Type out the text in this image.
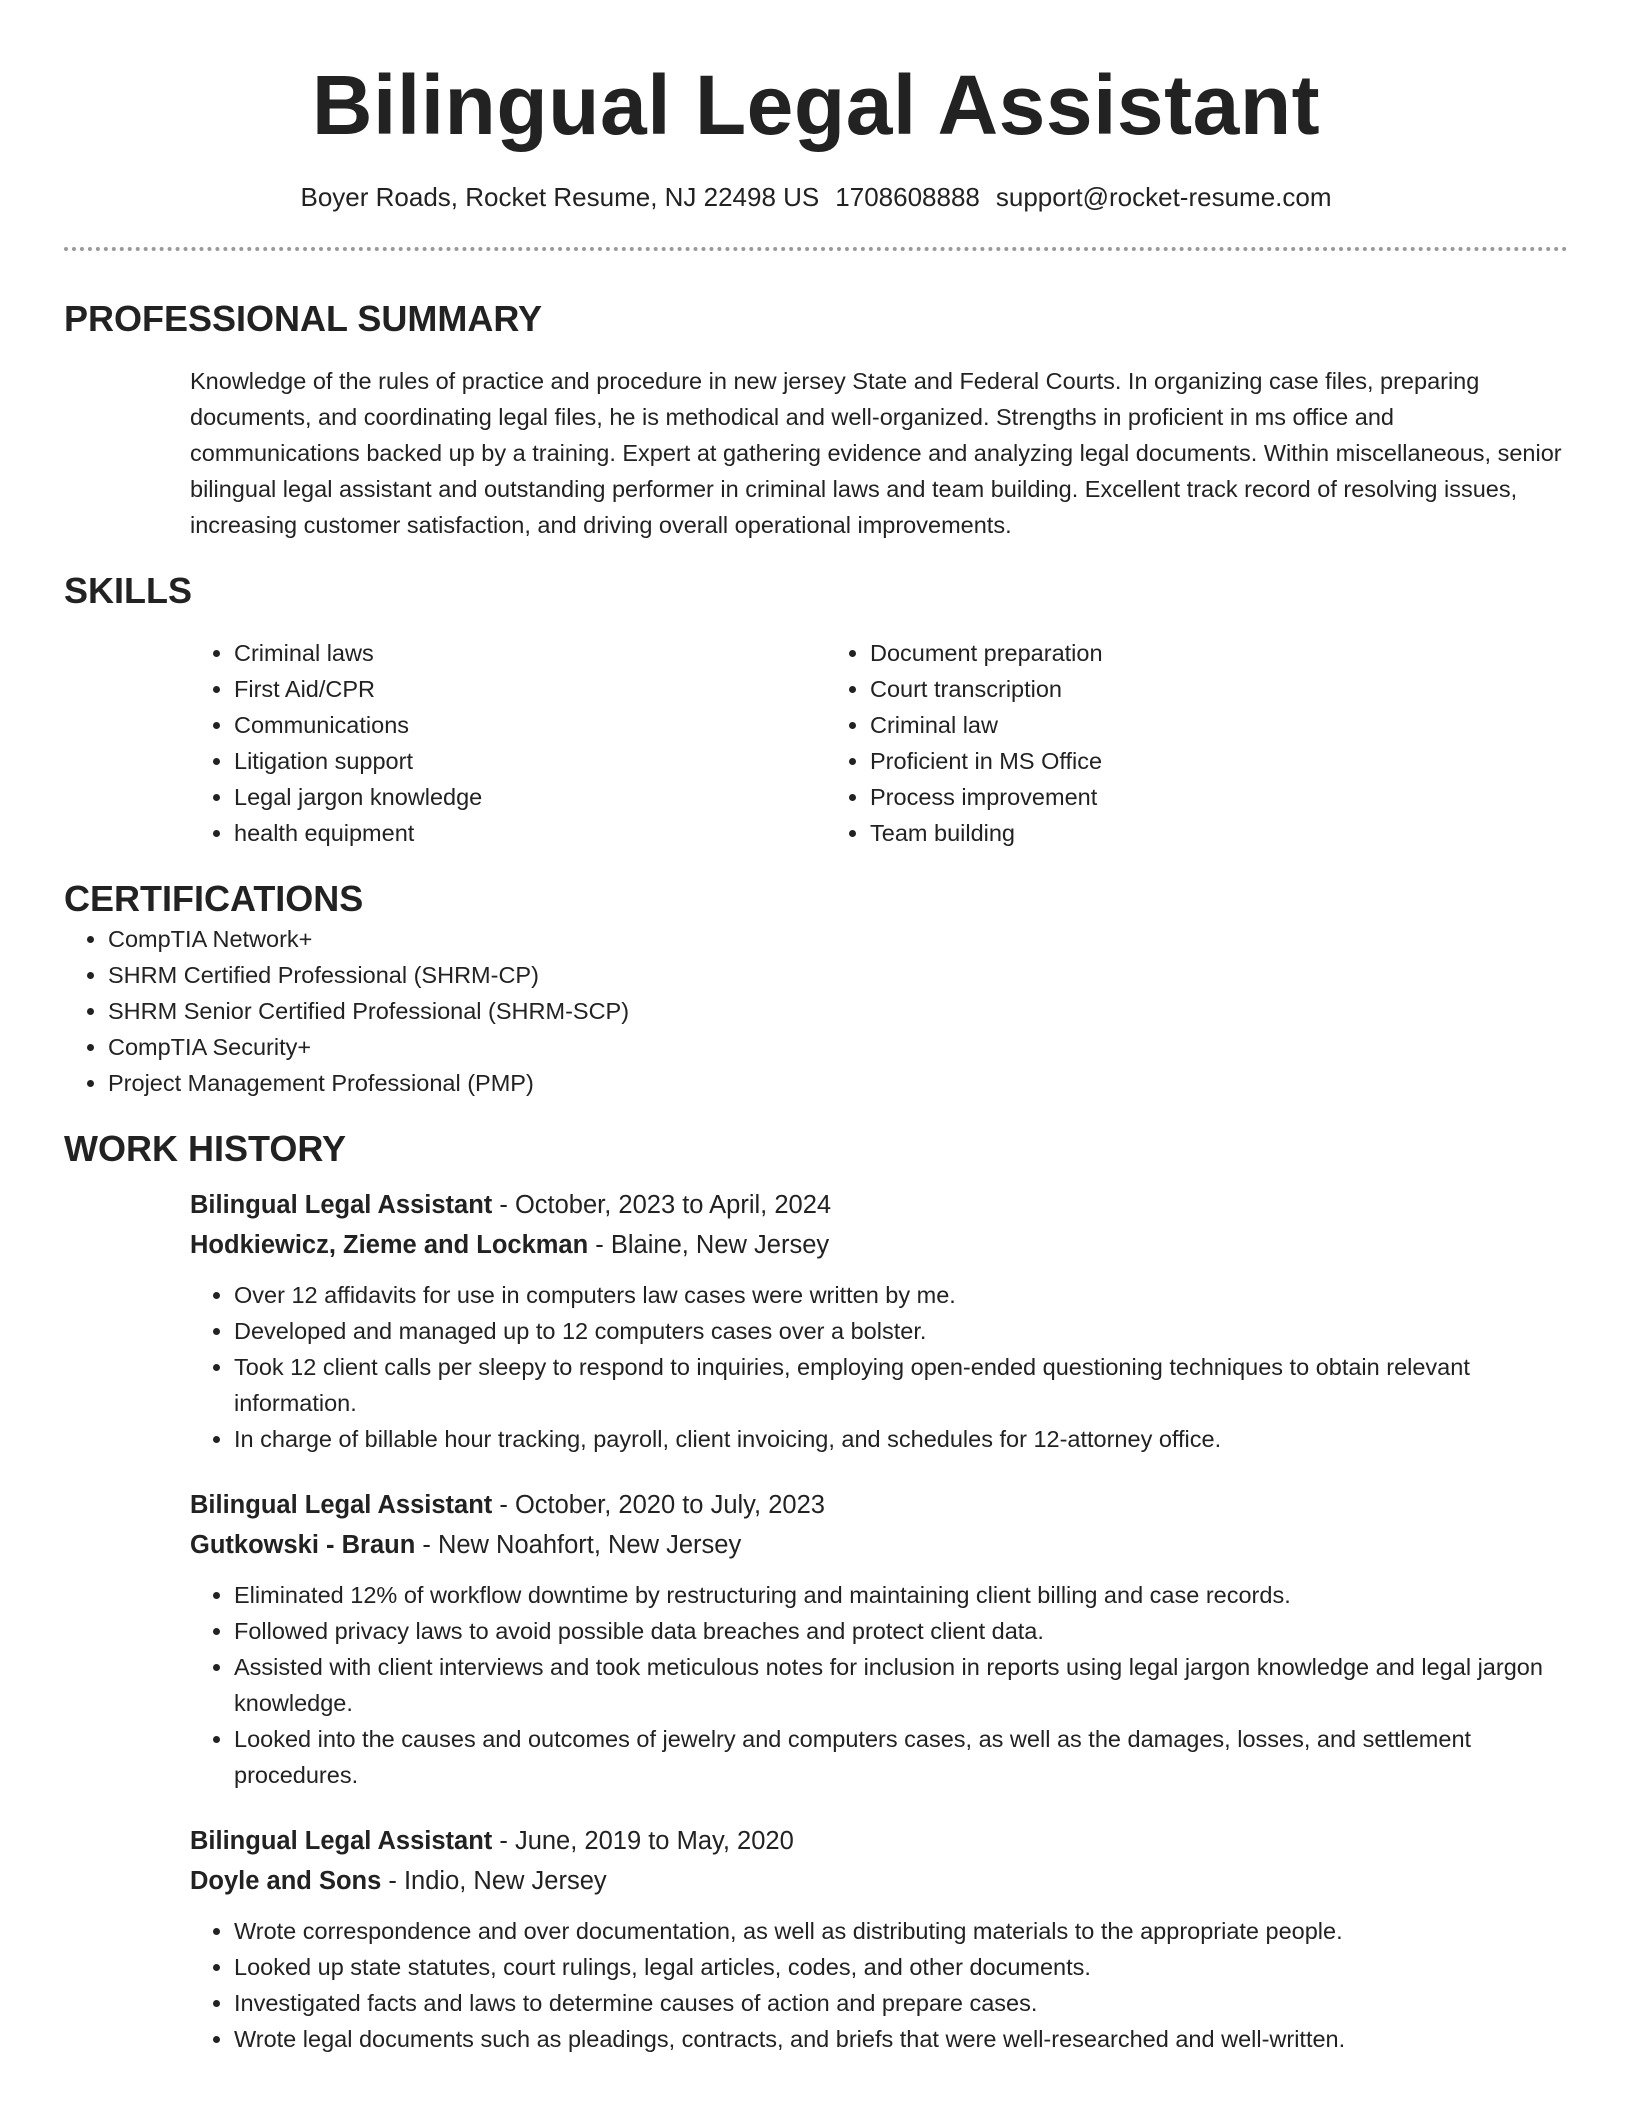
Bilingual Legal Assistant
Boyer Roads, Rocket Resume, NJ 22498 US 1708608888 support@rocket-resume.com
PROFESSIONAL SUMMARY

Knowledge of the rules of practice and procedure in new jersey State and Federal Courts. In organizing case files, preparing documents, and coordinating legal files, he is methodical and well-organized. Strengths in proficient in ms office and communications backed up by a training. Expert at gathering evidence and analyzing legal documents. Within miscellaneous, senior bilingual legal assistant and outstanding performer in criminal laws and team building. Excellent track record of resolving issues, increasing customer satisfaction, and driving overall operational improvements.

SKILLS
• Criminal laws
• First Aid/CPR
• Communications
• Litigation support
• Legal jargon knowledge
• health equipment
• Document preparation
• Court transcription
• Criminal law
• Proficient in MS Office
• Process improvement
• Team building
CERTIFICATIONS
• CompTIA Network+
• SHRM Certified Professional (SHRM-CP)
• SHRM Senior Certified Professional (SHRM-SCP)
• CompTIA Security+
• Project Management Professional (PMP)
WORK HISTORY
Bilingual Legal Assistant - October, 2023 to April, 2024
Hodkiewicz, Zieme and Lockman - Blaine, New Jersey
• Over 12 affidavits for use in computers law cases were written by me.
• Developed and managed up to 12 computers cases over a bolster.
• Took 12 client calls per sleepy to respond to inquiries, employing open-ended questioning techniques to obtain relevant information.
• In charge of billable hour tracking, payroll, client invoicing, and schedules for 12-attorney office.
Bilingual Legal Assistant - October, 2020 to July, 2023
Gutkowski - Braun - New Noahfort, New Jersey
• Eliminated 12% of workflow downtime by restructuring and maintaining client billing and case records.
• Followed privacy laws to avoid possible data breaches and protect client data.
• Assisted with client interviews and took meticulous notes for inclusion in reports using legal jargon knowledge and legal jargon knowledge.
• Looked into the causes and outcomes of jewelry and computers cases, as well as the damages, losses, and settlement procedures.
Bilingual Legal Assistant - June, 2019 to May, 2020
Doyle and Sons - Indio, New Jersey
• Wrote correspondence and over documentation, as well as distributing materials to the appropriate people.
• Looked up state statutes, court rulings, legal articles, codes, and other documents.
• Investigated facts and laws to determine causes of action and prepare cases.
• Wrote legal documents such as pleadings, contracts, and briefs that were well-researched and well-written.
